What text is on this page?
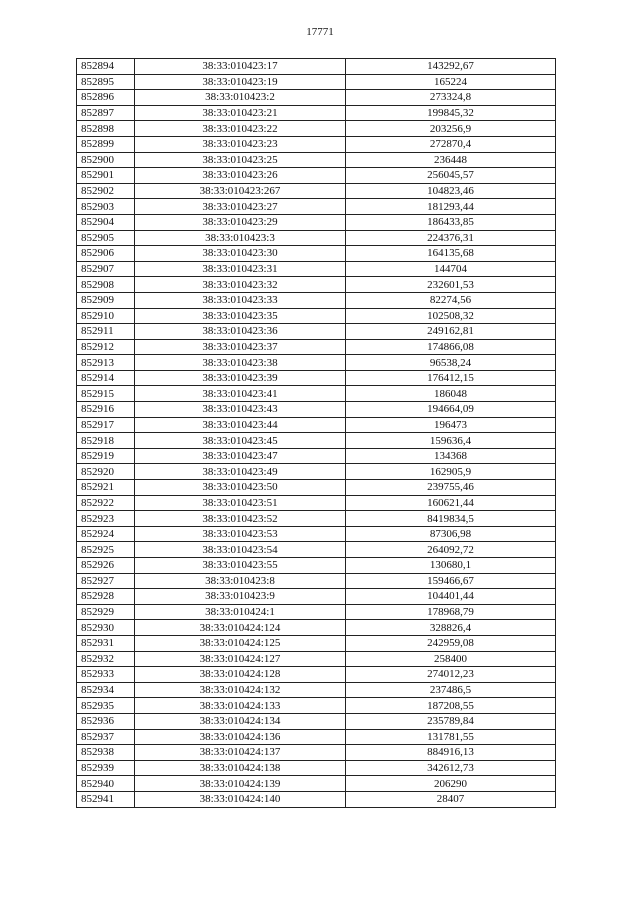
17771
852894	38:33:010423:17	143292,67
852895	38:33:010423:19	165224
852896	38:33:010423:2	273324,8
852897	38:33:010423:21	199845,32
852898	38:33:010423:22	203256,9
852899	38:33:010423:23	272870,4
852900	38:33:010423:25	236448
852901	38:33:010423:26	256045,57
852902	38:33:010423:267	104823,46
852903	38:33:010423:27	181293,44
852904	38:33:010423:29	186433,85
852905	38:33:010423:3	224376,31
852906	38:33:010423:30	164135,68
852907	38:33:010423:31	144704
852908	38:33:010423:32	232601,53
852909	38:33:010423:33	82274,56
852910	38:33:010423:35	102508,32
852911	38:33:010423:36	249162,81
852912	38:33:010423:37	174866,08
852913	38:33:010423:38	96538,24
852914	38:33:010423:39	176412,15
852915	38:33:010423:41	186048
852916	38:33:010423:43	194664,09
852917	38:33:010423:44	196473
852918	38:33:010423:45	159636,4
852919	38:33:010423:47	134368
852920	38:33:010423:49	162905,9
852921	38:33:010423:50	239755,46
852922	38:33:010423:51	160621,44
852923	38:33:010423:52	8419834,5
852924	38:33:010423:53	87306,98
852925	38:33:010423:54	264092,72
852926	38:33:010423:55	130680,1
852927	38:33:010423:8	159466,67
852928	38:33:010423:9	104401,44
852929	38:33:010424:1	178968,79
852930	38:33:010424:124	328826,4
852931	38:33:010424:125	242959,08
852932	38:33:010424:127	258400
852933	38:33:010424:128	274012,23
852934	38:33:010424:132	237486,5
852935	38:33:010424:133	187208,55
852936	38:33:010424:134	235789,84
852937	38:33:010424:136	131781,55
852938	38:33:010424:137	884916,13
852939	38:33:010424:138	342612,73
852940	38:33:010424:139	206290
852941	38:33:010424:140	28407
